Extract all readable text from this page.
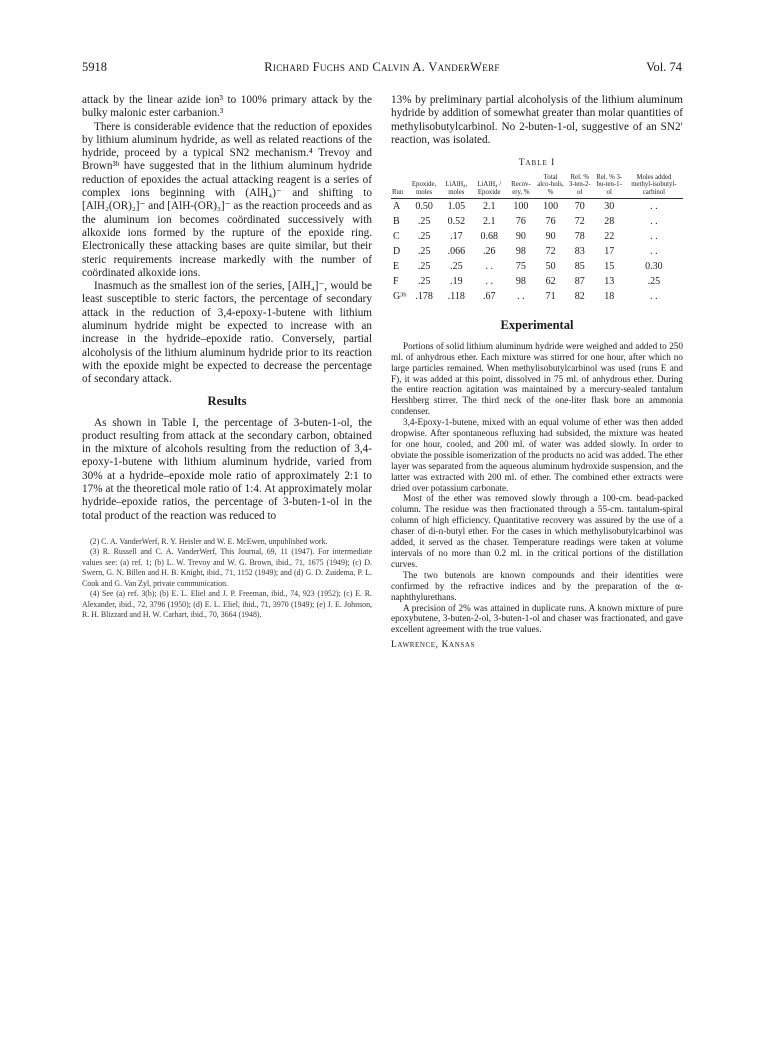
5918	Richard Fuchs and Calvin A. VanderWerf	Vol. 74

attack by the linear azide ion³ to 100% primary attack by the bulky malonic ester carbanion.³

There is considerable evidence that the reduction of epoxides by lithium aluminum hydride, as well as related reactions of the hydride, proceed by a typical SN2 mechanism.⁴ Trevoy and Brown³ᵇ have suggested that in the lithium aluminum hydride reduction of epoxides the actual attacking reagent is a series of complex ions beginning with (AlH₄)⁻ and shifting to [AlH₂(OR)₂]⁻ and [AlH-(OR)₃]⁻ as the reaction proceeds and as the aluminum ion becomes coördinated successively with alkoxide ions formed by the rupture of the epoxide ring. Electronically these attacking bases are quite similar, but their steric requirements increase markedly with the number of coördinated alkoxide ions.

Inasmuch as the smallest ion of the series, [AlH₄]⁻, would be least susceptible to steric factors, the percentage of secondary attack in the reduction of 3,4-epoxy-1-butene with lithium aluminum hydride might be expected to increase with an increase in the hydride–epoxide ratio. Conversely, partial alcoholysis of the lithium aluminum hydride prior to its reaction with the epoxide might be expected to decrease the percentage of secondary attack.

Results

As shown in Table I, the percentage of 3-buten-1-ol, the product resulting from attack at the secondary carbon, obtained in the mixture of alcohols resulting from the reduction of 3,4-epoxy-1-butene with lithium aluminum hydride, varied from 30% at a hydride–epoxide mole ratio of approximately 2:1 to 17% at the theoretical mole ratio of 1:4. At approximately molar hydride–epoxide ratios, the percentage of 3-buten-1-ol in the total product of the reaction was reduced to

(2) C. A. VanderWerf, R. Y. Heisler and W. E. McEwen, unpublished work.

(3) R. Russell and C. A. VanderWerf, This Journal, 69, 11 (1947). For intermediate values see: (a) ref. 1; (b) L. W. Trevoy and W. G. Brown, ibid., 71, 1675 (1949); (c) D. Swern, G. N. Billen and H. B. Knight, ibid., 71, 1152 (1949); and (d) G. D. Zuidema, P. L. Cook and G. Van Zyl, private communication.

(4) See (a) ref. 3(b); (b) E. L. Eliel and J. P. Freeman, ibid., 74, 923 (1952); (c) E. R. Alexander, ibid., 72, 3796 (1950); (d) E. L. Eliel, ibid., 71, 3970 (1949); (e) J. E. Johnson, R. H. Blizzard and H. W. Carhart, ibid., 70, 3664 (1948).

13% by preliminary partial alcoholysis of the lithium aluminum hydride by addition of somewhat greater than molar quantities of methylisobutylcarbinol. No 2-buten-1-ol, suggestive of an SN2′ reaction, was isolated.

Table I
Run	Epoxide, moles	LiAlH₄, moles	LiAlH₄ / Epoxide	Recov-ery, %	Total alco-hols, %	Rel. % 3-ten-2-ol	Rel. % 3-bu-ten-1-ol	Moles added methyl-isobutyl-carbinol
A	0.50	1.05	2.1	100	100	70	30	. .
B	.25	0.52	2.1	76	76	72	28	. .
C	.25	.17	0.68	90	90	78	22	. .
D	.25	.066	.26	98	72	83	17	. .
E	.25	.25	. .	75	50	85	15	0.30
F	.25	.19	. .	98	62	87	13	.25
G³ᵇ	.178	.118	.67	. .	71	82	18	. .
Experimental

Portions of solid lithium aluminum hydride were weighed and added to 250 ml. of anhydrous ether. Each mixture was stirred for one hour, after which no large particles remained. When methylisobutylcarbinol was used (runs E and F), it was added at this point, dissolved in 75 ml. of anhydrous ether. During the entire reaction agitation was maintained by a mercury-sealed tantalum Hershberg stirrer. The third neck of the one-liter flask bore an ammonia condenser.

3,4-Epoxy-1-butene, mixed with an equal volume of ether was then added dropwise. After spontaneous refluxing had subsided, the mixture was heated for one hour, cooled, and 200 ml. of water was added slowly. In order to obviate the possible isomerization of the products no acid was added. The ether layer was separated from the aqueous aluminum hydroxide suspension, and the latter was extracted with 200 ml. of ether. The combined ether extracts were dried over potassium carbonate.

Most of the ether was removed slowly through a 100-cm. bead-packed column. The residue was then fractionated through a 55-cm. tantalum-spiral column of high efficiency. Quantitative recovery was assured by the use of a chaser of di-n-butyl ether. For the cases in which methylisobutylcarbinol was added, it served as the chaser. Temperature readings were taken at volume intervals of no more than 0.2 ml. in the critical portions of the distillation curves.

The two butenols are known compounds and their identities were confirmed by the refractive indices and by the preparation of the α-naphthylurethans.

A precision of 2% was attained in duplicate runs. A known mixture of pure epoxybutene, 3-buten-2-ol, 3-buten-1-ol and chaser was fractionated, and gave excellent agreement with the true values.

Lawrence, Kansas
